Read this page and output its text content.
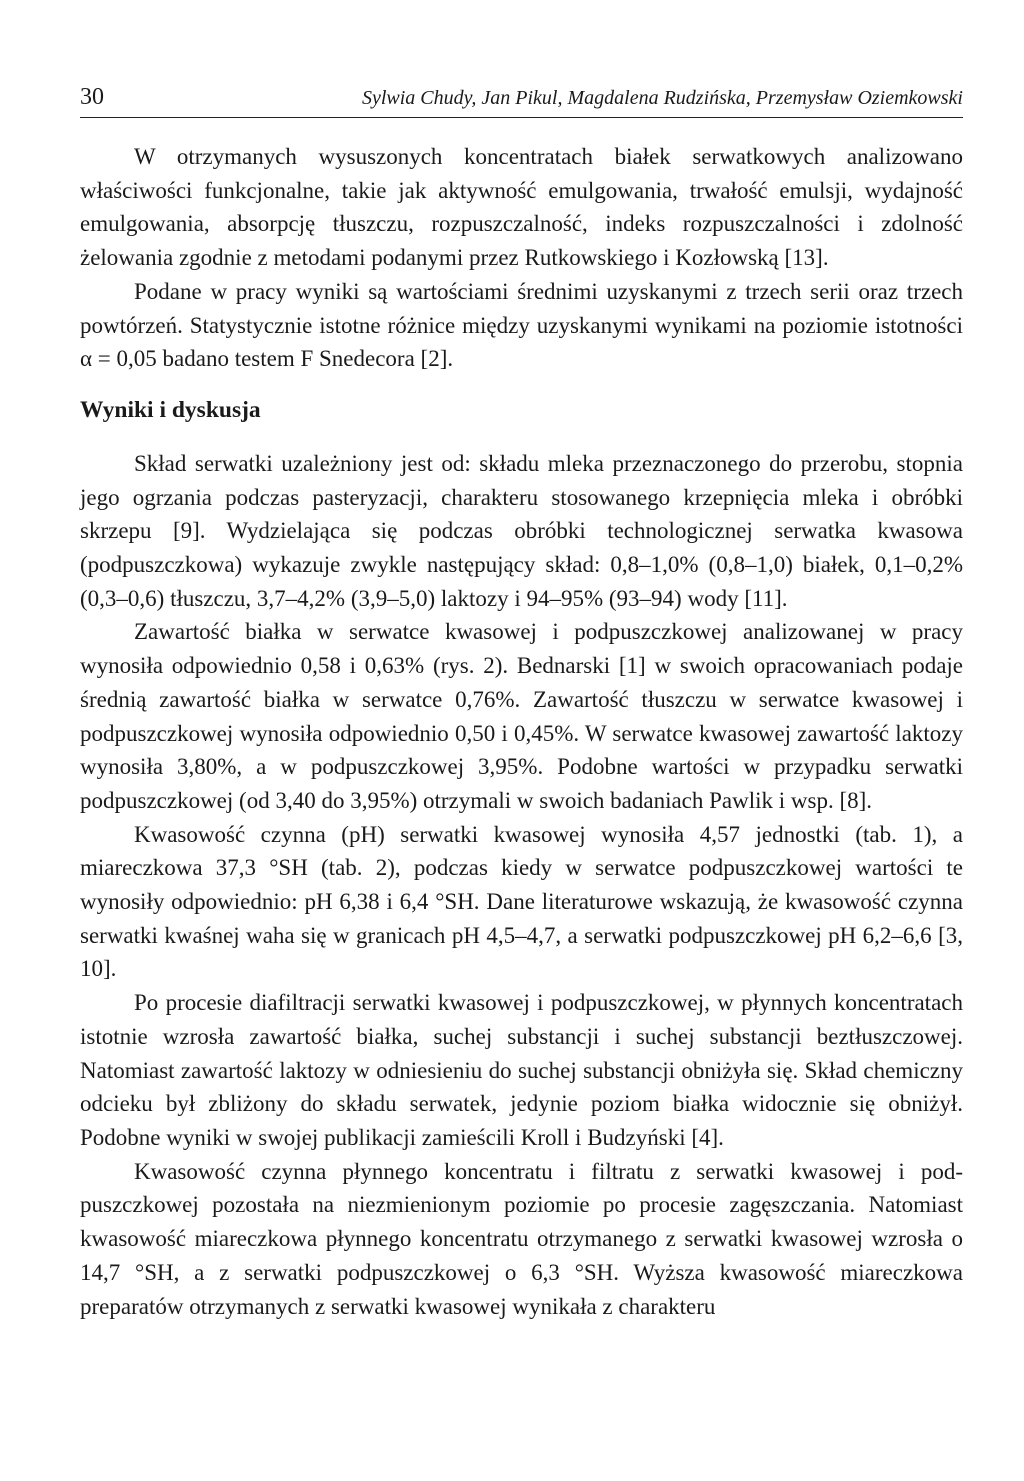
30	Sylwia Chudy, Jan Pikul, Magdalena Rudzińska, Przemysław Oziemkowski

W otrzymanych wysuszonych koncentratach białek serwatkowych analizowano właściwości funkcjonalne, takie jak aktywność emulgowania, trwałość emulsji, wydajność emulgowania, absorpcję tłuszczu, rozpuszczalność, indeks rozpuszczalności i zdolność żelowania zgodnie z metodami podanymi przez Rutkowskiego i Kozłowską [13].

Podane w pracy wyniki są wartościami średnimi uzyskanymi z trzech serii oraz trzech powtórzeń. Statystycznie istotne różnice między uzyskanymi wynikami na poziomie istotności α = 0,05 badano testem F Snedecora [2].

Wyniki i dyskusja

Skład serwatki uzależniony jest od: składu mleka przeznaczonego do przerobu, stopnia jego ogrzania podczas pasteryzacji, charakteru stosowanego krzepnięcia mleka i obróbki skrzepu [9]. Wydzielająca się podczas obróbki technologicznej serwatka kwasowa (podpuszczkowa) wykazuje zwykle następujący skład: 0,8–1,0% (0,8–1,0) białek, 0,1–0,2% (0,3–0,6) tłuszczu, 3,7–4,2% (3,9–5,0) laktozy i 94–95% (93–94) wody [11].

Zawartość białka w serwatce kwasowej i podpuszczkowej analizowanej w pracy wynosiła odpowiednio 0,58 i 0,63% (rys. 2). Bednarski [1] w swoich opracowaniach podaje średnią zawartość białka w serwatce 0,76%. Zawartość tłuszczu w serwatce kwasowej i podpuszczkowej wynosiła odpowiednio 0,50 i 0,45%. W serwatce kwasowej zawartość laktozy wynosiła 3,80%, a w podpuszczkowej 3,95%. Podobne wartości w przypadku serwatki podpuszczkowej (od 3,40 do 3,95%) otrzymali w swoich badaniach Pawlik i wsp. [8].

Kwasowość czynna (pH) serwatki kwasowej wynosiła 4,57 jednostki (tab. 1), a miareczkowa 37,3 °SH (tab. 2), podczas kiedy w serwatce podpuszczkowej wartości te wynosiły odpowiednio: pH 6,38 i 6,4 °SH. Dane literaturowe wskazują, że kwasowość czynna serwatki kwaśnej waha się w granicach pH 4,5–4,7, a serwatki podpuszczkowej pH 6,2–6,6 [3, 10].

Po procesie diafiltracji serwatki kwasowej i podpuszczkowej, w płynnych koncentratach istotnie wzrosła zawartość białka, suchej substancji i suchej substancji beztłuszczowej. Natomiast zawartość laktozy w odniesieniu do suchej substancji obniżyła się. Skład chemiczny odcieku był zbliżony do składu serwatek, jedynie poziom białka widocznie się obniżył. Podobne wyniki w swojej publikacji zamieścili Kroll i Budzyński [4].

Kwasowość czynna płynnego koncentratu i filtratu z serwatki kwasowej i podpuszczkowej pozostała na niezmienionym poziomie po procesie zagęszczania. Natomiast kwasowość miareczkowa płynnego koncentratu otrzymanego z serwatki kwasowej wzrosła o 14,7 °SH, a z serwatki podpuszczkowej o 6,3 °SH. Wyższa kwasowość miareczkowa preparatów otrzymanych z serwatki kwasowej wynikała z charakteru
